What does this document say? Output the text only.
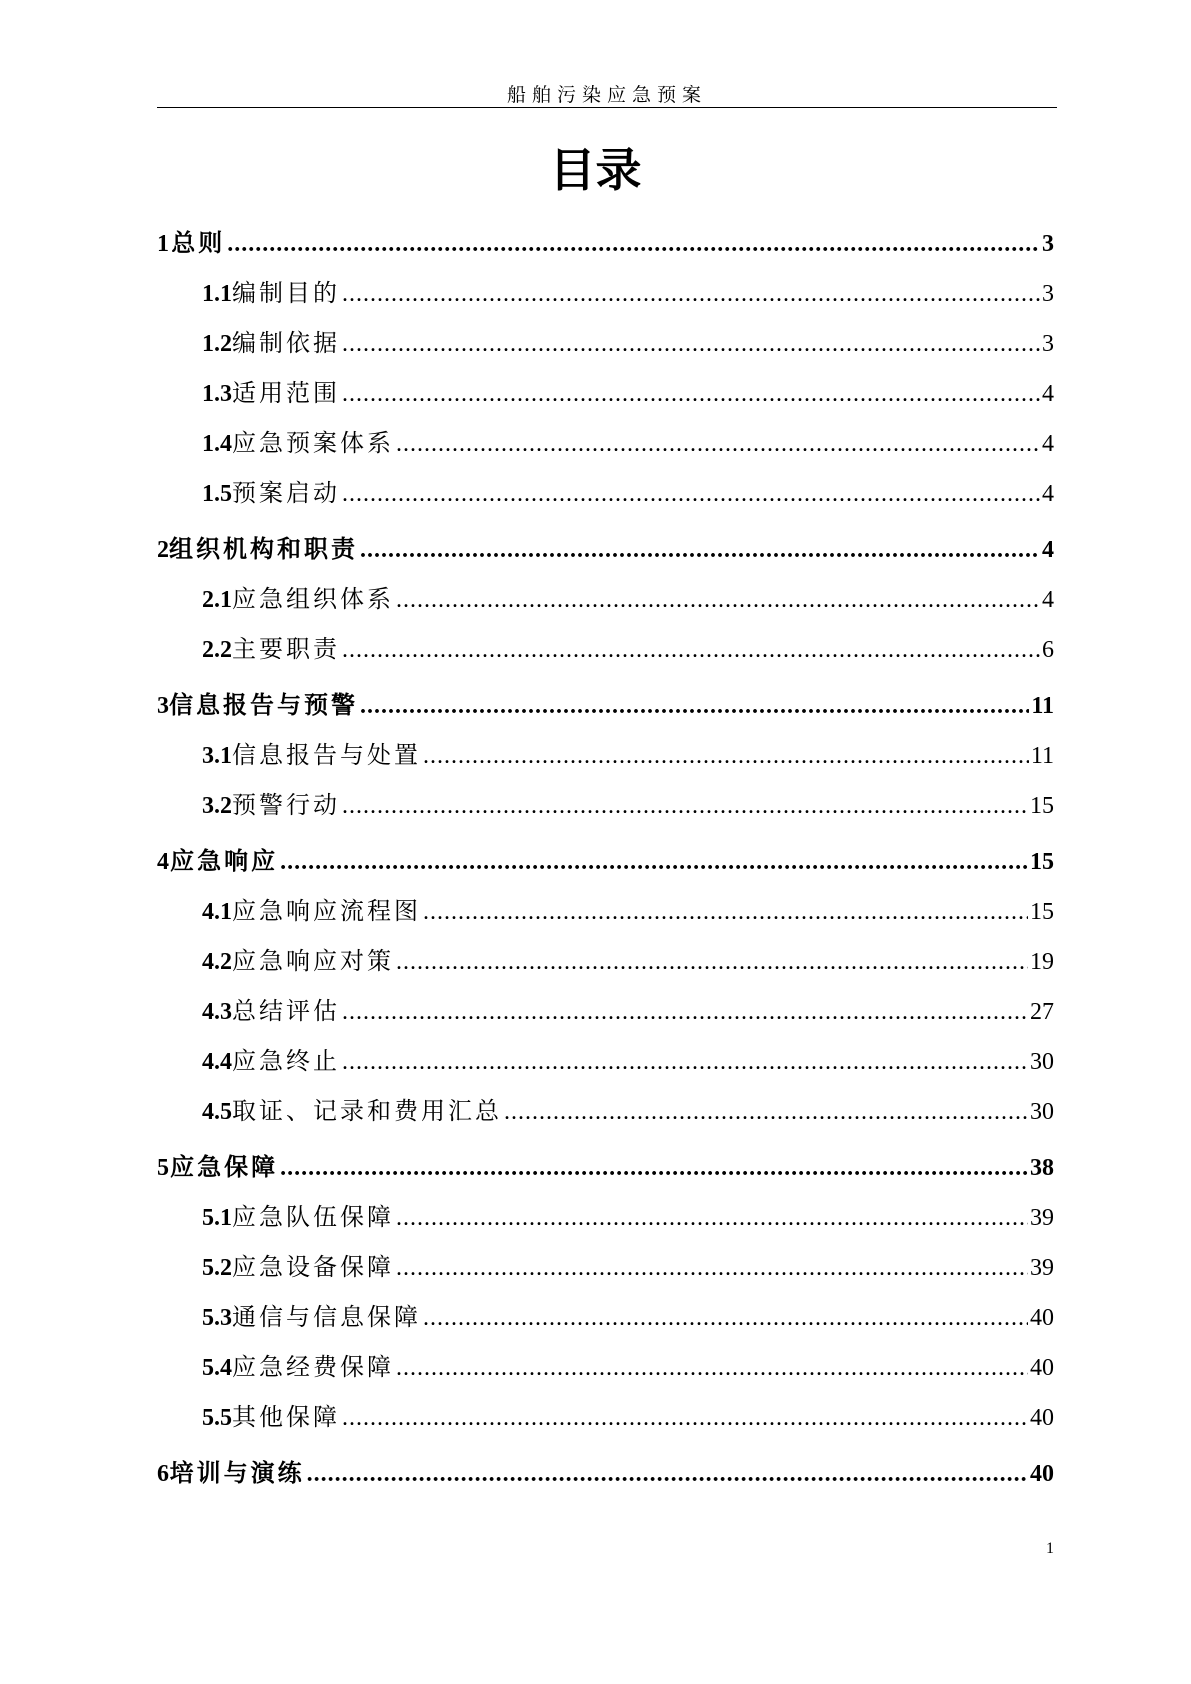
船舶污染应急预案
目录
1 总则 .....	3
1.1 编制目的 .....	3
1.2 编制依据 .....	3
1.3 适用范围 .....	4
1.4 应急预案体系 .....	4
1.5 预案启动 .....	4
2 组织机构和职责 .....	4
2.1 应急组织体系 .....	4
2.2 主要职责 .....	6
3 信息报告与预警 .....	11
3.1 信息报告与处置 .....	11
3.2 预警行动 .....	15
4 应急响应 .....	15
4.1 应急响应流程图 .....	15
4.2 应急响应对策 .....	19
4.3 总结评估 .....	27
4.4 应急终止 .....	30
4.5 取证、记录和费用汇总 .....	30
5 应急保障 .....	38
5.1 应急队伍保障 .....	39
5.2 应急设备保障 .....	39
5.3 通信与信息保障 .....	40
5.4 应急经费保障 .....	40
5.5 其他保障 .....	40
6 培训与演练 .....	40
1
